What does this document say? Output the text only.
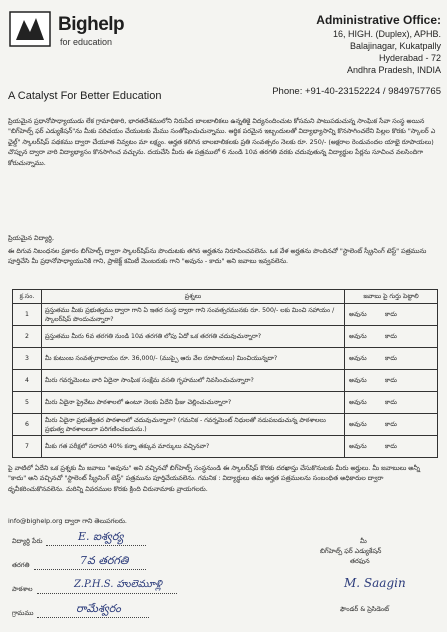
Bighelp
for education
A Catalyst For Better Education
Administrative Office:
16, HIGH. (Duplex), APHB.
Balajinagar, Kukatpally
Hyderabad - 72
Andhra Pradesh, INDIA
Phone: +91-40-23152224 / 9849757765
ప్రియమైన ప్రధానోపాధ్యాయుడు లేక గ్రామాధికారి, భారతదేశములోని నిరుపేద బాలబాలికలు ఉన్నతికై విద్యనందించుట కోసమని పాటుపడుచున్న సాంఘిక సేవా సంస్థ అయిన "బిగ్‌హెల్ప్ ఫర్ ఎడ్యుకేషన్"ను మీకు పరిచయం చేయుటకు మేము సంతోషించుచున్నాము. ఆర్థిక పరమైన ఇబ్బందులతో విద్యాభ్యాసాన్ని కొనసాగించలేని పిల్లల కొరకు "స్కాలర్ ఎ ఛైల్డ్" స్కాలర్‌షిప్ పథకము ద్వారా చేయూత నివ్వటం మా లక్ష్యం. అర్హత కలిగిన బాలబాలికలకు ప్రతి సంవత్సరం నెలకు రూ. 250/- (అక్షరాల రెండువందల యాభై రూపాయలు) చొప్పున ద్వారా వారి విద్యాభ్యాసం కొనసాగించ వచ్చును. దయచేసి మీరు ఈ పత్రములో 6 నుండి 10వ తరగతి వరకు చదువుతున్న విద్యార్థుల పేర్లను సూచించ వలసిందిగా కోరుచున్నాము.
ప్రియమైన విద్యార్థి,
ఈ దిగువ నిబంధనల ప్రకారం బిగ్‌హెల్ప్ ద్వారా స్కాలర్‌షిప్‌ను పొందుటకు తగిన అర్హతను నిరూపించవలెను. ఒక వేళ అర్హతను పొందినచో "స్టాలెంట్ స్క్రీనింగ్ టెస్ట్" పత్రమును పూర్తిచేసి మీ ప్రధానోపాధ్యాయునికి గాని, ప్రాజెక్ట్ కమిటీ మెంబరుకు గాని "అవును - కాదు" అని జవాబు ఇవ్వవలెను.
క్ర.సం.	ప్రశ్నలు	జవాబు పై గుర్తు పెట్టాలి
1	ప్రస్తుతము మీకు ప్రభుత్వము ద్వారా గాని ఏ ఇతర సంస్థ ద్వారా గాని సంవత్సరమునకు రూ. 500/- లకు మించి సహాయం / స్కాలర్‌షిప్ పొందుచున్నారా?	అవును కాదు
2	ప్రస్తుతము మీరు 6వ తరగతి నుండి 10వ తరగతి లోపు ఏదో ఒక తరగతి చదువుచున్నారా?	అవును కాదు
3	మీ కుటుంబ సంవత్సరాదాయం రూ. 36,000/- (ముప్పై ఆరు వేల రూపాయలు) మించియున్నదా?	అవును కాదు
4	మీరు గవర్నమెంటు వారి ఏదైనా సాంఘిక సంక్షేమ వసతి గృహములో నివసించుచున్నారా?	అవును కాదు
5	మీరు ఏదైనా ప్రైవేటు పాఠశాలలో ఉంటూ నెలకు ఏదేని ఫీజు చెల్లించుచున్నారా?	అవును కాదు
6	మీరు ఏదైనా ప్రభుత్వేతర పాఠశాలలో చదువుచున్నారా? (గమనిక - గవర్నమెంట్ నిధులతో నడుపబడుచున్న పాఠశాలలు ప్రభుత్వ పాఠశాలలుగా పరిగణించబడును.)	అవును కాదు
7	మీకు గత పరీక్షలో సరాసరి 40% కన్నా తక్కువ మార్కులు వచ్చినవా?	అవును కాదు
పై వాటిలో ఏదేని ఒక ప్రశ్నకు మీ జవాబు "అవును" అని వచ్చినచో బిగ్‌హెల్ప్ సంస్థనుండి ఈ స్కాలర్‌షిప్ కొరకు దరఖాస్తు చేసుకొనుటకు మీరు అర్హులు. మీ జవాబులు అన్నీ "కాదు" అని వచ్చినచో "స్టాలెంట్ స్క్రీనింగ్ టెస్ట్" పత్రమును పూర్తిచేయవలెను. గమనిక : విద్యార్థులు తమ అర్హత పత్రములను సంబంధిత అధికారుల ద్వారా ధృవీకరించుకొనవలెను. మరిన్ని వివరముల కొరకు క్రింది చిరునామాకు వ్రాయగలరు.
info@bighelp.org ద్వారా గాని తెలుపగలరు.
విద్యార్థి పేరు	E. ఐశ్వర్య
తరగతి	7వ తరగతి
పాఠశాల	Z.P.H.S. హులెమూళ్లి
గ్రామము	రామేశ్వరం
మీ
బిగ్‌హెల్ప్ ఫర్ ఎడ్యుకేషన్
తరఫున
M. Saagin
ఫౌండర్ & ప్రెసిడెంట్
